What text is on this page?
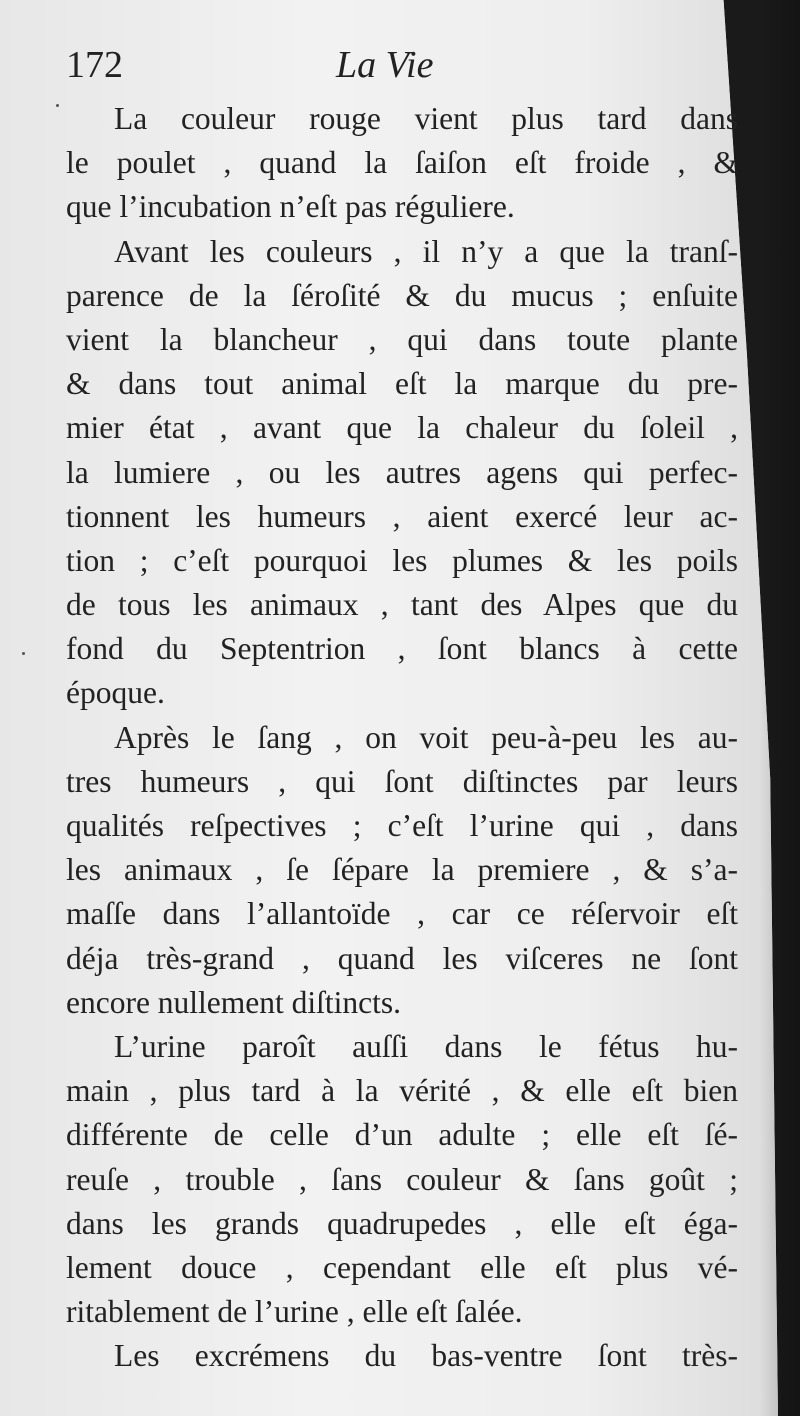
172	La Vie
La couleur rouge vient plus tard dans
le poulet , quand la ſaiſon eſt froide , &
que l’incubation n’eſt pas réguliere.
Avant les couleurs , il n’y a que la tranſ-
parence de la ſéroſité & du mucus ; enſuite
vient la blancheur , qui dans toute plante
& dans tout animal eſt la marque du pre-
mier état , avant que la chaleur du ſoleil ,
la lumiere , ou les autres agens qui perfec-
tionnent les humeurs , aient exercé leur ac-
tion ; c’eſt pourquoi les plumes & les poils
de tous les animaux , tant des Alpes que du
fond du Septentrion , ſont blancs à cette
époque.
Après le ſang , on voit peu-à-peu les au-
tres humeurs , qui ſont diſtinctes par leurs
qualités reſpectives ; c’eſt l’urine qui , dans
les animaux , ſe ſépare la premiere , & s’a-
maſſe dans l’allantoïde , car ce réſervoir eſt
déja très-grand , quand les viſceres ne ſont
encore nullement diſtincts.
L’urine paroît auſſi dans le fétus hu-
main , plus tard à la vérité , & elle eſt bien
différente de celle d’un adulte ; elle eſt ſé-
reuſe , trouble , ſans couleur & ſans goût ;
dans les grands quadrupedes , elle eſt éga-
lement douce , cependant elle eſt plus vé-
ritablement de l’urine , elle eſt ſalée.
Les excrémens du bas-ventre ſont très-
